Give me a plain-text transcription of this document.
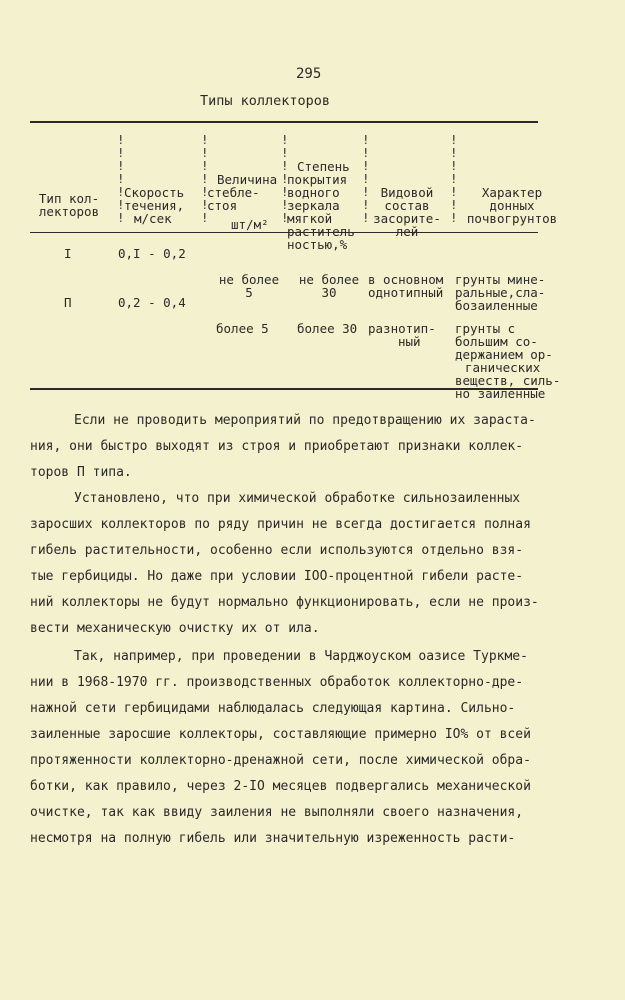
295
Типы коллекторов

Тип кол-
лекторов

Скорость
течения,
м/сек

Величина
стебле-
стоя
шт/м²

Степень
покрытия
водного
зеркала
мягкой
раститель-
ностью,%

Видовой
состав
засорите-
лей

Характер
донных
почвогрунтов

!
!
!
!
!
!
!
!
!
!
!
!
!
!
!
!
!
!
!
!
!
!
!
!
!
!
!
!
!
!
!
!
!
!
!
I	0,I - 0,2

не более
5

не более
30

в основном
однотипный

грунты мине-
ральные,сла-
бозаиленные

П	0,2 - 0,4

более 5

более 30

разнотип-
ный

грунты с
большим со-
держанием ор-
ганических
веществ, силь-
но заиленные

Если не проводить мероприятий по предотвращению их зараста-
ния, они быстро выходят из строя и приобретают признаки коллек-
торов П типа.
Установлено, что при химической обработке сильнозаиленных
заросших коллекторов по ряду причин не всегда достигается полная
гибель растительности, особенно если используются отдельно взя-
тые гербициды. Но даже при условии IOO-процентной гибели расте-
ний коллекторы не будут нормально функционировать, если не произ-
вести механическую очистку их от ила.
Так, например, при проведении в Чарджоуском оазисе Туркме-
нии в 1968-1970 гг. производственных обработок коллекторно-дре-
нажной сети гербицидами наблюдалась следующая картина. Сильно-
заиленные заросшие коллекторы, составляющие примерно IO% от всей
протяженности коллекторно-дренажной сети, после химической обра-
ботки, как правило, через 2-IO месяцев подвергались механической
очистке, так как ввиду заиления не выполняли своего назначения,
несмотря на полную гибель или значительную изреженность расти-
